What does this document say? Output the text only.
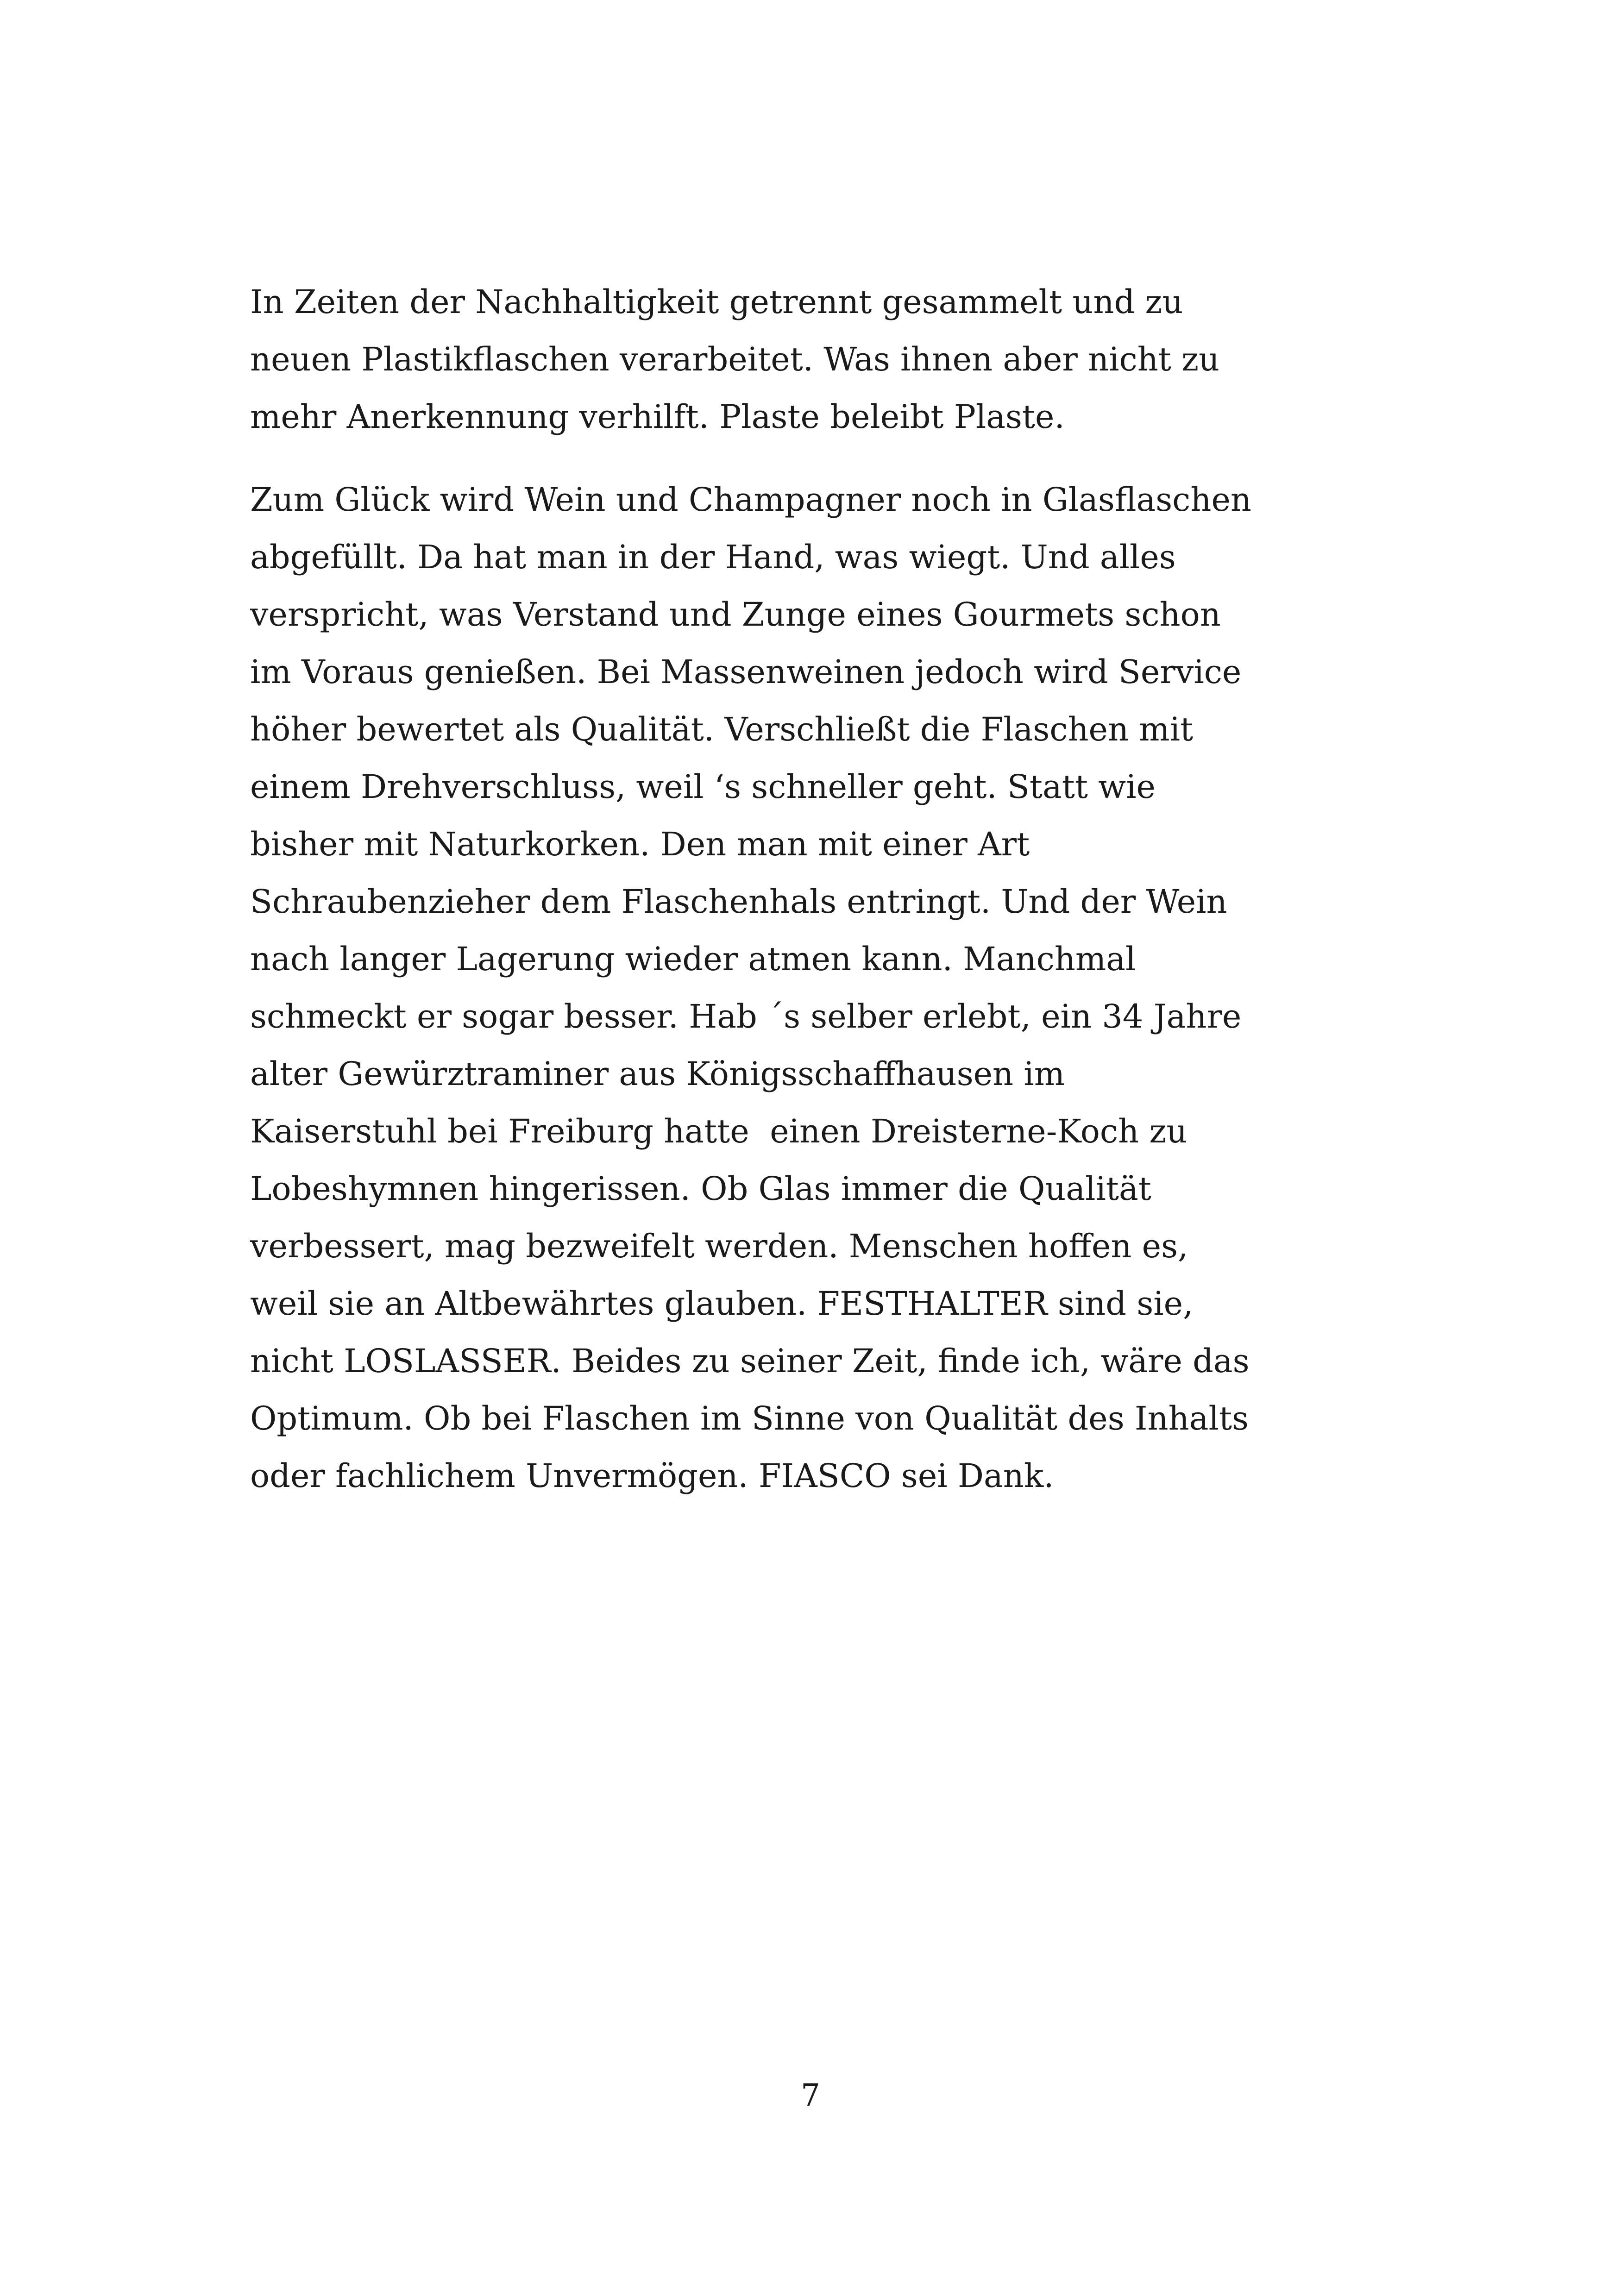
In Zeiten der Nachhaltigkeit getrennt gesammelt und zu
neuen Plastikflaschen verarbeitet. Was ihnen aber nicht zu
mehr Anerkennung verhilft. Plaste beleibt Plaste.
Zum Glück wird Wein und Champagner noch in Glasflaschen
abgefüllt. Da hat man in der Hand, was wiegt. Und alles
verspricht, was Verstand und Zunge eines Gourmets schon
im Voraus genießen. Bei Massenweinen jedoch wird Service
höher bewertet als Qualität. Verschließt die Flaschen mit
einem Drehverschluss, weil ‘s schneller geht. Statt wie
bisher mit Naturkorken. Den man mit einer Art
Schraubenzieher dem Flaschenhals entringt. Und der Wein
nach langer Lagerung wieder atmen kann. Manchmal
schmeckt er sogar besser. Hab ´s selber erlebt, ein 34 Jahre
alter Gewürztraminer aus Königsschaffhausen im
Kaiserstuhl bei Freiburg hatte  einen Dreisterne-Koch zu
Lobeshymnen hingerissen. Ob Glas immer die Qualität
verbessert, mag bezweifelt werden. Menschen hoffen es,
weil sie an Altbewährtes glauben. FESTHALTER sind sie,
nicht LOSLASSER. Beides zu seiner Zeit, finde ich, wäre das
Optimum. Ob bei Flaschen im Sinne von Qualität des Inhalts
oder fachlichem Unvermögen. FIASCO sei Dank.
7
